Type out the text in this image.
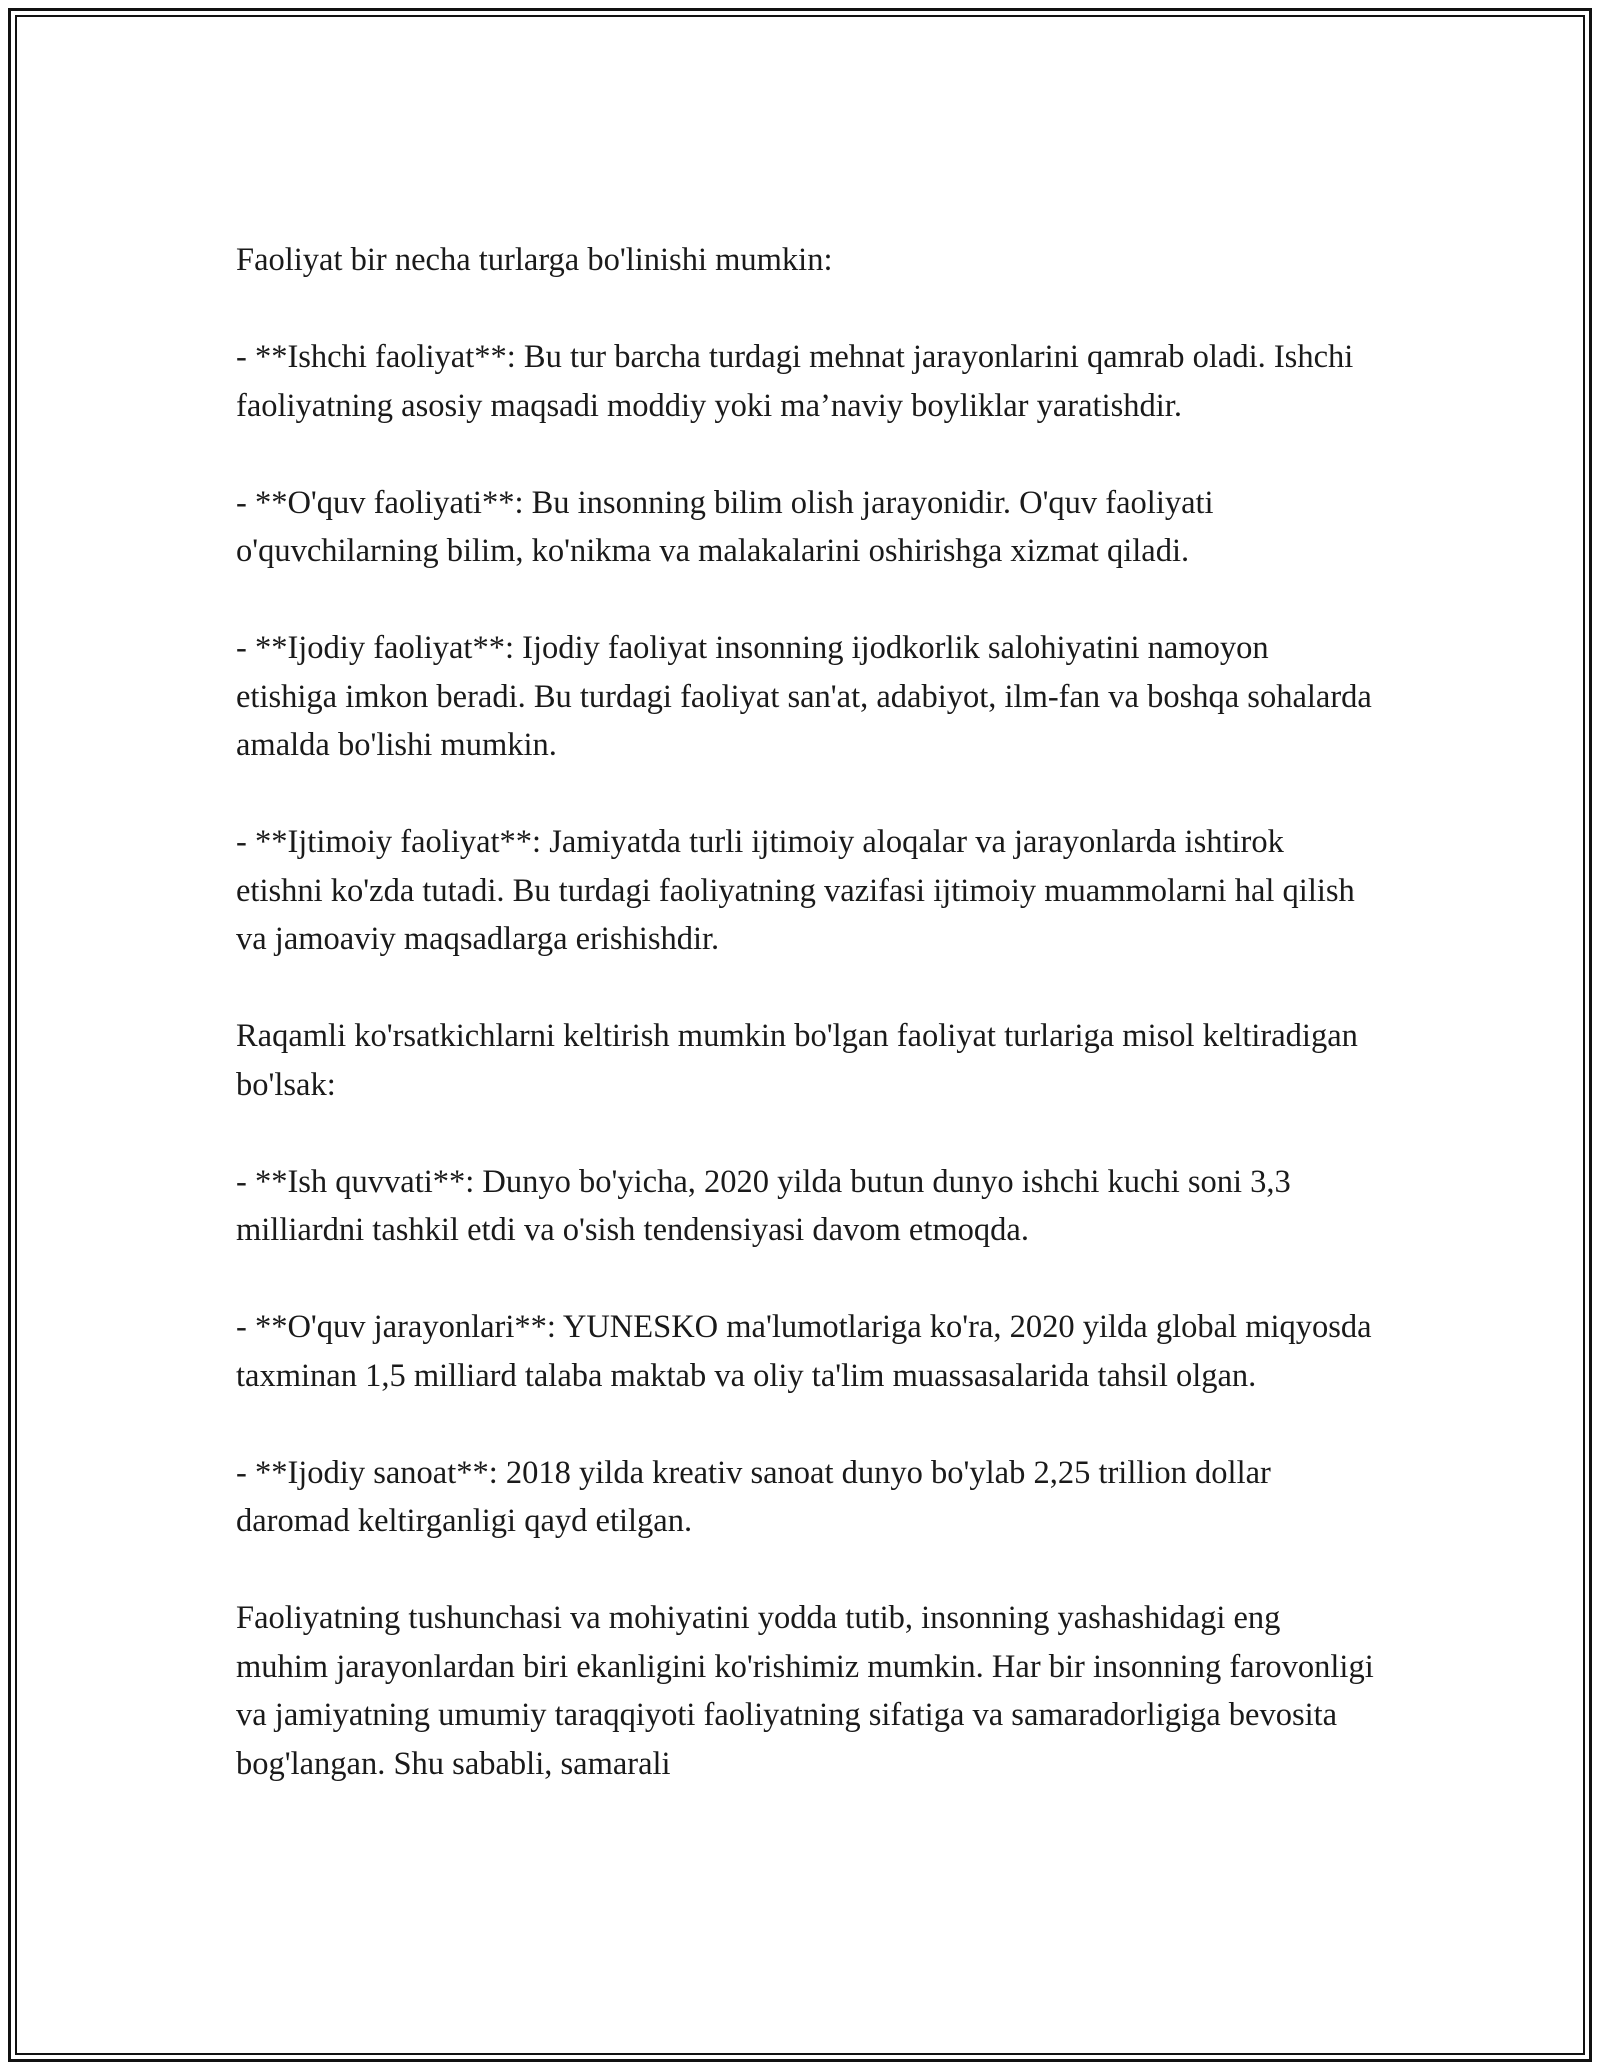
Faoliyat bir necha turlarga bo'linishi mumkin:

- **Ishchi faoliyat**: Bu tur barcha turdagi mehnat jarayonlarini qamrab oladi. Ishchi faoliyatning asosiy maqsadi moddiy yoki ma’naviy boyliklar yaratishdir.

- **O'quv faoliyati**: Bu insonning bilim olish jarayonidir. O'quv faoliyati o'quvchilarning bilim, ko'nikma va malakalarini oshirishga xizmat qiladi.

- **Ijodiy faoliyat**: Ijodiy faoliyat insonning ijodkorlik salohiyatini namoyon etishiga imkon beradi. Bu turdagi faoliyat san'at, adabiyot, ilm-fan va boshqa sohalarda amalda bo'lishi mumkin.

- **Ijtimoiy faoliyat**: Jamiyatda turli ijtimoiy aloqalar va jarayonlarda ishtirok etishni ko'zda tutadi. Bu turdagi faoliyatning vazifasi ijtimoiy muammolarni hal qilish va jamoaviy maqsadlarga erishishdir.

Raqamli ko'rsatkichlarni keltirish mumkin bo'lgan faoliyat turlariga misol keltiradigan bo'lsak:

- **Ish quvvati**: Dunyo bo'yicha, 2020 yilda butun dunyo ishchi kuchi soni 3,3 milliardni tashkil etdi va o'sish tendensiyasi davom etmoqda.

- **O'quv jarayonlari**: YUNESKO ma'lumotlariga ko'ra, 2020 yilda global miqyosda taxminan 1,5 milliard talaba maktab va oliy ta'lim muassasalarida tahsil olgan.

- **Ijodiy sanoat**: 2018 yilda kreativ sanoat dunyo bo'ylab 2,25 trillion dollar daromad keltirganligi qayd etilgan.

Faoliyatning tushunchasi va mohiyatini yodda tutib, insonning yashashidagi eng muhim jarayonlardan biri ekanligini ko'rishimiz mumkin. Har bir insonning farovonligi va jamiyatning umumiy taraqqiyoti faoliyatning sifatiga va samaradorligiga bevosita bog'langan. Shu sababli, samarali
